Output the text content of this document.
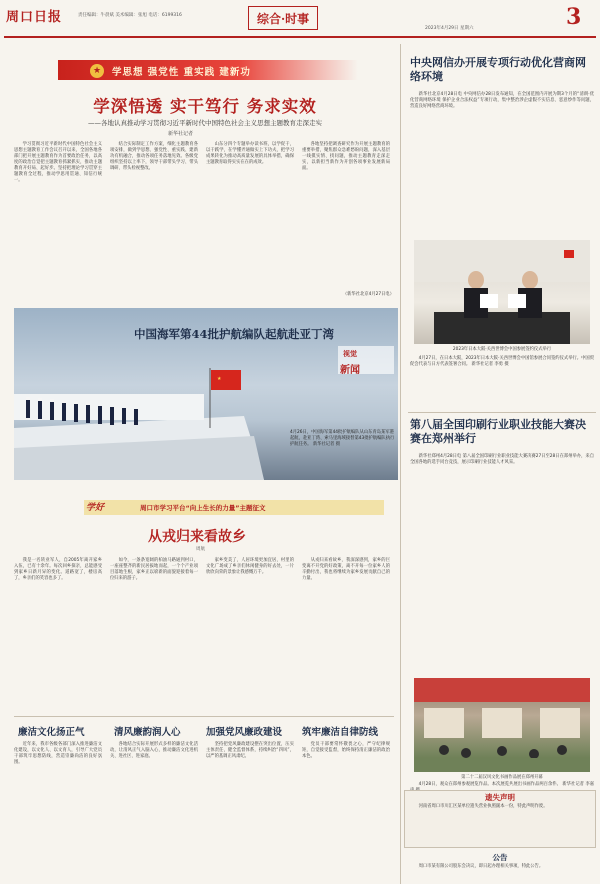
周口日报	责任编辑：牛晨斌 美术编辑：张旭 电话：6199316	综合·时事
2023年4月29日 星期六	3
★	学思想 强党性 重实践 建新功
学深悟透 实干笃行 务求实效
——各地认真推动学习贯彻习近平新时代中国特色社会主义思想主题教育走深走实
新华社记者

学习贯彻习近平新时代中国特色社会主义思想主题教育工作会议召开以来，全国各地各部门把开展主题教育作为首要政治任务，以高度的政治自觉把主题教育抓紧抓实，推动主题教育开好局、起好步。坚持把理论学习贯穿主题教育全过程，推动学思用贯通、知信行统一。

结合实际制定工作方案，细化主题教育各项安排，做到学思想、强党性、重实践、建新功有机融合，推动各项任务落地见效。各级党组织坚持以上率下，领导干部带头学习、带头调研、带头检视整改。

山东分四个专题举办读书班，以学促干，以干践学，在学懂弄通做实上下功夫，把学习成果转化为推动高质量发展的具体举措，确保主题教育取得实实在在的成效。

各地坚持把调查研究作为开展主题教育的重要举措，聚焦群众急难愁盼问题，深入基层一线摸实情、找问题，推动主题教育走深走实，以新担当新作为开创各项事业发展新局面。

（新华社北京4月27日电）
★
中国海军第44批护航编队起航赴亚丁湾
视觉
新闻
4月26日，中国海军第44批护航编队从山东青岛某军港起航，赴亚丁湾、索马里海域接替第43批护航编队执行护航任务。 新华社记者 摄
学好	周口市学习平台“向上生长的力量”主题征文
从戎归来看故乡
周航

我是一名转业军人，自2005年离开家乡入伍，已有十余年。每次回乡探亲，总能感受到家乡日新月异的变化。道路宽了，楼房高了，乡亲们的笑容也多了。

如今，一条条宽阔的柏油马路通到村口，一座座整齐的新民居拔地而起，一个个产业项目落地生根，家乡正以崭新的面貌迎接着每一位归来的游子。

家乡变美了，人居环境更加宜居，村里的文化广场成了乡亲们休闲健身的好去处，一片欣欣向荣的景象让我感慨万千。

从戎归来看故乡，我深深感到，家乡的巨变离不开党的好政策，离不开每一位家乡人的辛勤付出，我也将继续为家乡发展贡献自己的力量。

廉洁文化扬正气	清风廉韵润人心	加强党风廉政建设 筑牢廉洁自律防线

近年来，我市各级各部门深入推进廉洁文化建设，以文化人、以文育人，引导广大党员干部筑牢思想防线，营造崇廉尚洁的良好氛围。

各地结合实际开展形式多样的廉洁文化活动，让清风正气入脑入心，推动廉洁文化进机关、进社区、进家庭。

坚持把党风廉政建设摆在突出位置，压实主体责任，健全监督体系，持续纠治“四风”，以严的基调正风肃纪。

党员干部要常怀敬畏之心，严守纪律规矩，自觉接受监督，始终保持清正廉洁的政治本色。

中央网信办开展专项行动优化营商网络环境

新华社北京4月28日电 中央网信办28日发布通知，在全国范围内开展为期3个月的“清朗·优化营商网络环境 保护企业合法权益”专项行动，集中整治涉企虚假不实信息、恶意炒作等问题，营造良好网络营商环境。

2023年日本大阪·关西世博会中国参展签约仪式举行

4月27日，在日本大阪，2023年日本大阪·关西世博会中国馆参展合同签约仪式举行。中国贸促会代表与日方代表签署合同。 新华社记者 李勇 摄

第八届全国印刷行业职业技能大赛决赛在郑州举行

新华社郑州4月28日电 第八届全国印刷行业职业技能大赛决赛27日至28日在郑州举办，来自全国各地的选手同台竞技，展示印刷行业技能人才风采。

第二十二届汉风文化书画作品展在郑州开幕

4月28日，观众在郑州参观展览作品。本次展览共展出书画作品两百余件。 新华社记者 李嘉

遗失声明

河南省周口市川汇区某单位遗失营业执照副本一份，特此声明作废。

公告

周口市某有限公司股东会决议，即日起办理相关事项，特此公告。
